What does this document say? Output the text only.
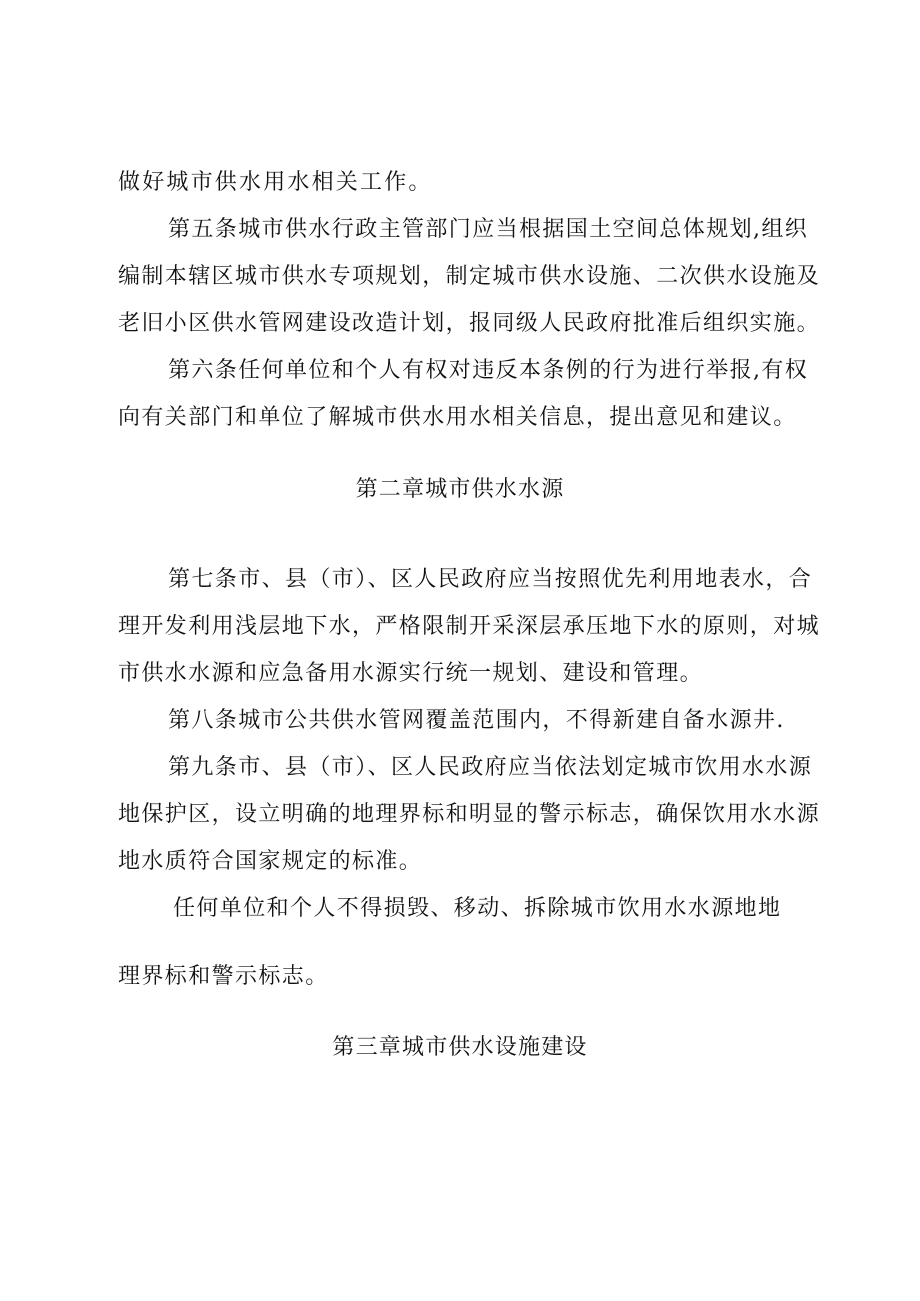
做好城市供水用水相关工作。
第五条城市供水行政主管部门应当根据国土空间总体规划,组织
编制本辖区城市供水专项规划，制定城市供水设施、二次供水设施及
老旧小区供水管网建设改造计划，报同级人民政府批准后组织实施。
第六条任何单位和个人有权对违反本条例的行为进行举报,有权
向有关部门和单位了解城市供水用水相关信息，提出意见和建议。
第二章城市供水水源
第七条市、县（市）、区人民政府应当按照优先利用地表水，合
理开发利用浅层地下水，严格限制开采深层承压地下水的原则，对城
市供水水源和应急备用水源实行统一规划、建设和管理。
第八条城市公共供水管网覆盖范围内，不得新建自备水源井.
第九条市、县（市）、区人民政府应当依法划定城市饮用水水源
地保护区，设立明确的地理界标和明显的警示标志，确保饮用水水源
地水质符合国家规定的标准。
任何单位和个人不得损毁、移动、拆除城市饮用水水源地地
理界标和警示标志。
第三章城市供水设施建设
